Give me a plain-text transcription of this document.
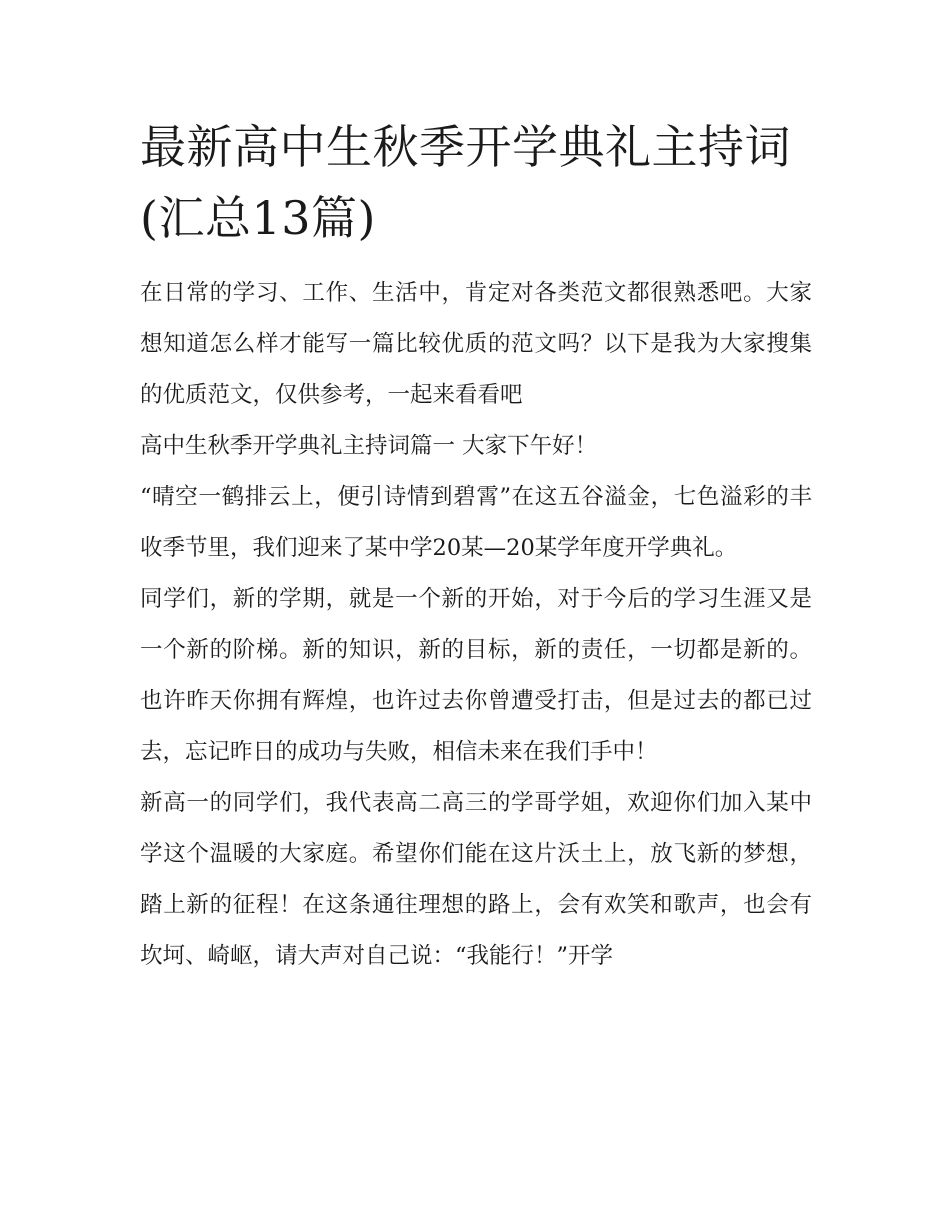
最新高中生秋季开学典礼主持词(汇总13篇)

在日常的学习、工作、生活中，肯定对各类范文都很熟悉吧。大家想知道怎么样才能写一篇比较优质的范文吗？以下是我为大家搜集的优质范文，仅供参考，一起来看看吧

高中生秋季开学典礼主持词篇一 大家下午好！

“晴空一鹤排云上，便引诗情到碧霄”在这五谷溢金，七色溢彩的丰收季节里，我们迎来了某中学20某—20某学年度开学典礼。

同学们，新的学期，就是一个新的开始，对于今后的学习生涯又是一个新的阶梯。新的知识，新的目标，新的责任，一切都是新的。也许昨天你拥有辉煌，也许过去你曾遭受打击，但是过去的都已过去，忘记昨日的成功与失败，相信未来在我们手中！

新高一的同学们，我代表高二高三的学哥学姐，欢迎你们加入某中学这个温暖的大家庭。希望你们能在这片沃土上，放飞新的梦想，踏上新的征程！在这条通往理想的路上，会有欢笑和歌声，也会有坎坷、崎岖，请大声对自己说：“我能行！”开学
